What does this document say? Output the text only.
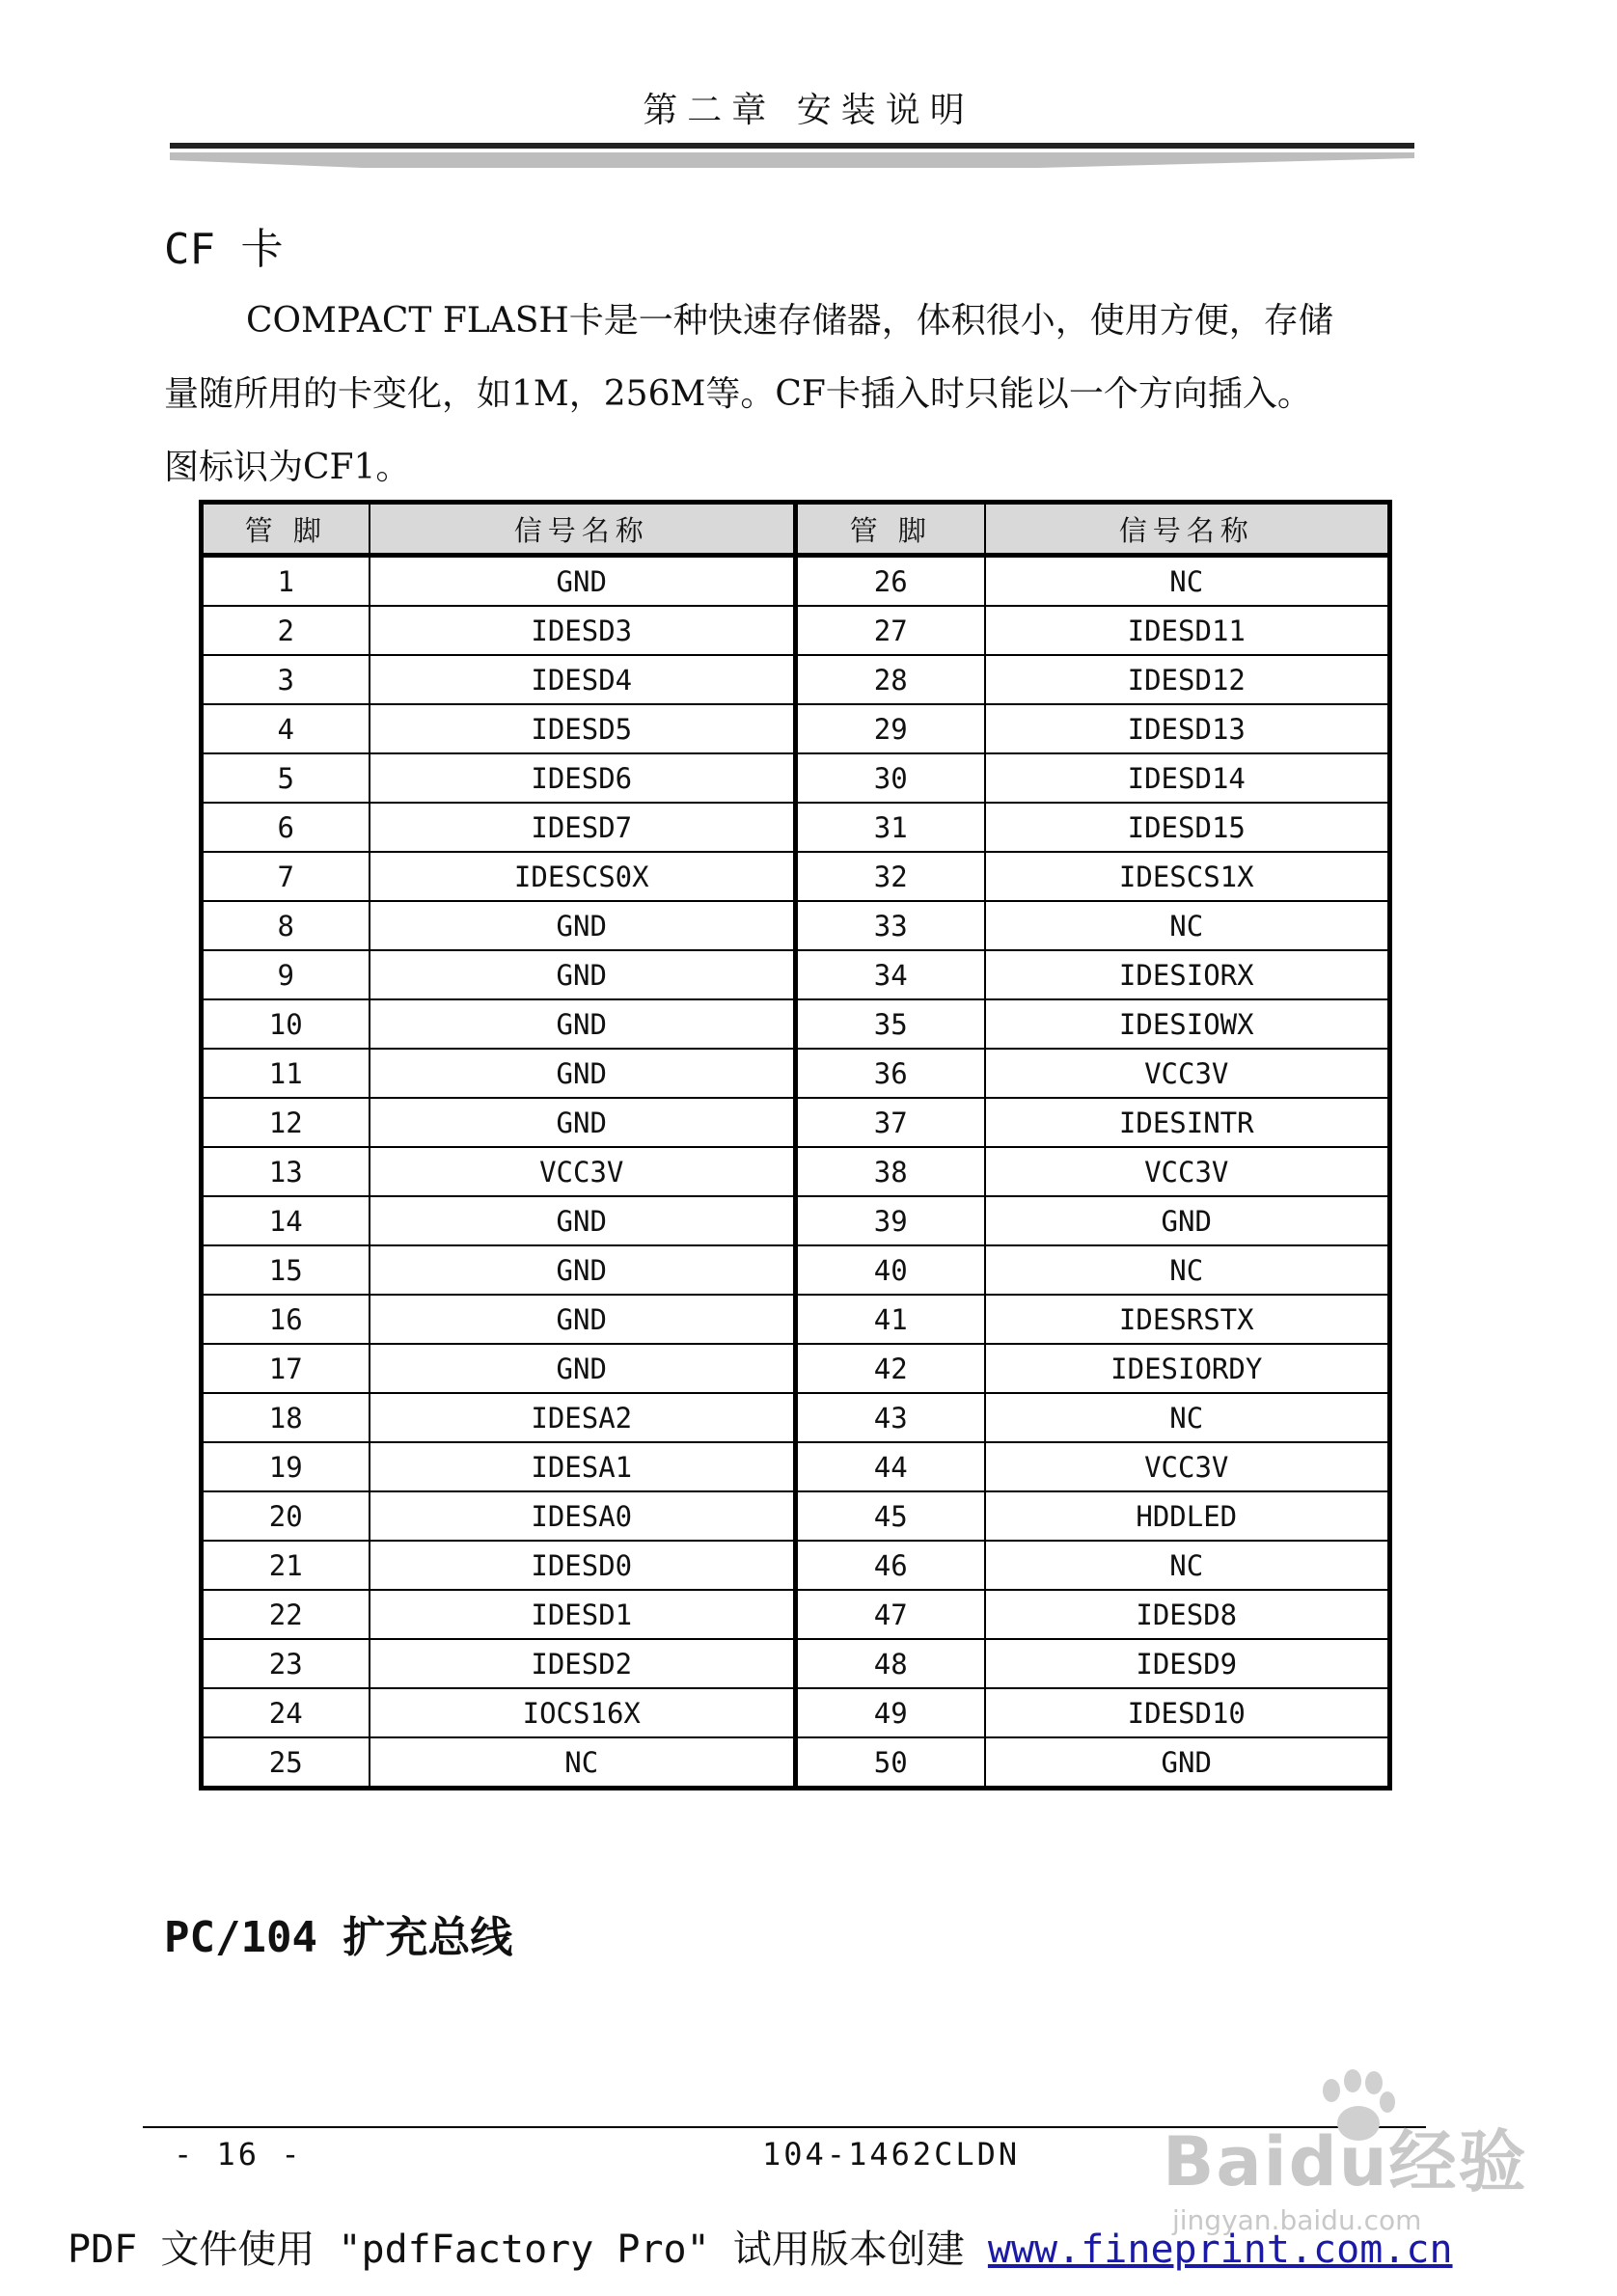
第二章 安装说明
CF 卡
COMPACT FLASH卡是一种快速存储器，体积很小，使用方便，存储
量随所用的卡变化，如1M，256M等。CF卡插入时只能以一个方向插入。
图标识为CF1。
管 脚	信号名称	管 脚	信号名称
1	GND	26	NC
2	IDESD3	27	IDESD11
3	IDESD4	28	IDESD12
4	IDESD5	29	IDESD13
5	IDESD6	30	IDESD14
6	IDESD7	31	IDESD15
7	IDESCS0X	32	IDESCS1X
8	GND	33	NC
9	GND	34	IDESIORX
10	GND	35	IDESIOWX
11	GND	36	VCC3V
12	GND	37	IDESINTR
13	VCC3V	38	VCC3V
14	GND	39	GND
15	GND	40	NC
16	GND	41	IDESRSTX
17	GND	42	IDESIORDY
18	IDESA2	43	NC
19	IDESA1	44	VCC3V
20	IDESA0	45	HDDLED
21	IDESD0	46	NC
22	IDESD1	47	IDESD8
23	IDESD2	48	IDESD9
24	IOCS16X	49	IDESD10
25	NC	50	GND
PC/104 扩充总线
- 16 -	104-1462CLDN Baidu经验
jingyan.baidu.com
PDF 文件使用 "pdfFactory Pro" 试用版本创建 www.fineprint.com.cn
